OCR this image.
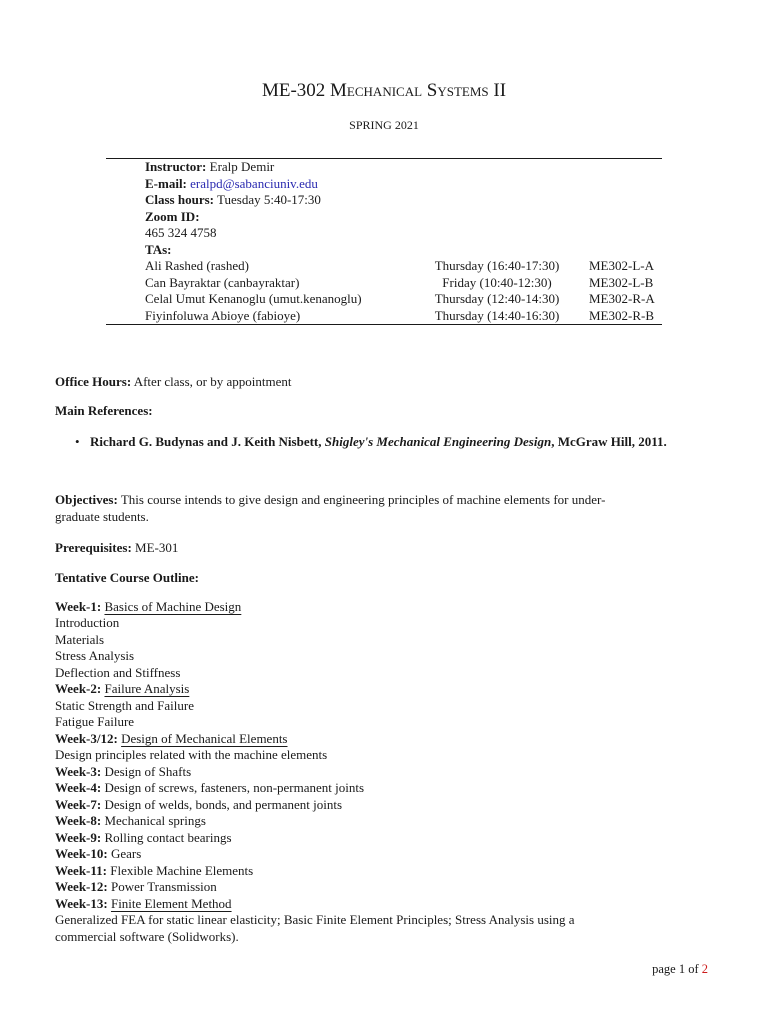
ME-302 Mechanical Systems II
SPRING 2021
Instructor: Eralp Demir
E-mail: eralpd@sabanciuniv.edu
Class hours: Tuesday 5:40-17:30
Zoom ID:
465 324 4758
TAs:
Ali Rashed (rashed)	Thursday (16:40-17:30)	ME302-L-A
Can Bayraktar (canbayraktar)	Friday (10:40-12:30)	ME302-L-B
Celal Umut Kenanoglu (umut.kenanoglu)	Thursday (12:40-14:30)	ME302-R-A
Fiyinfoluwa Abioye (fabioye)	Thursday (14:40-16:30)	ME302-R-B
Office Hours: After class, or by appointment
Main References:
• Richard G. Budynas and J. Keith Nisbett, Shigley's Mechanical Engineering Design, McGraw Hill, 2011.
Objectives: This course intends to give design and engineering principles of machine elements for under-
graduate students.
Prerequisites: ME-301
Tentative Course Outline:
Week-1: Basics of Machine Design
Introduction
Materials
Stress Analysis
Deflection and Stiffness
Week-2: Failure Analysis
Static Strength and Failure
Fatigue Failure
Week-3/12: Design of Mechanical Elements
Design principles related with the machine elements
Week-3: Design of Shafts
Week-4: Design of screws, fasteners, non-permanent joints
Week-7: Design of welds, bonds, and permanent joints
Week-8: Mechanical springs
Week-9: Rolling contact bearings
Week-10: Gears
Week-11: Flexible Machine Elements
Week-12: Power Transmission
Week-13: Finite Element Method
Generalized FEA for static linear elasticity; Basic Finite Element Principles; Stress Analysis using a
commercial software (Solidworks).
page 1 of 2
